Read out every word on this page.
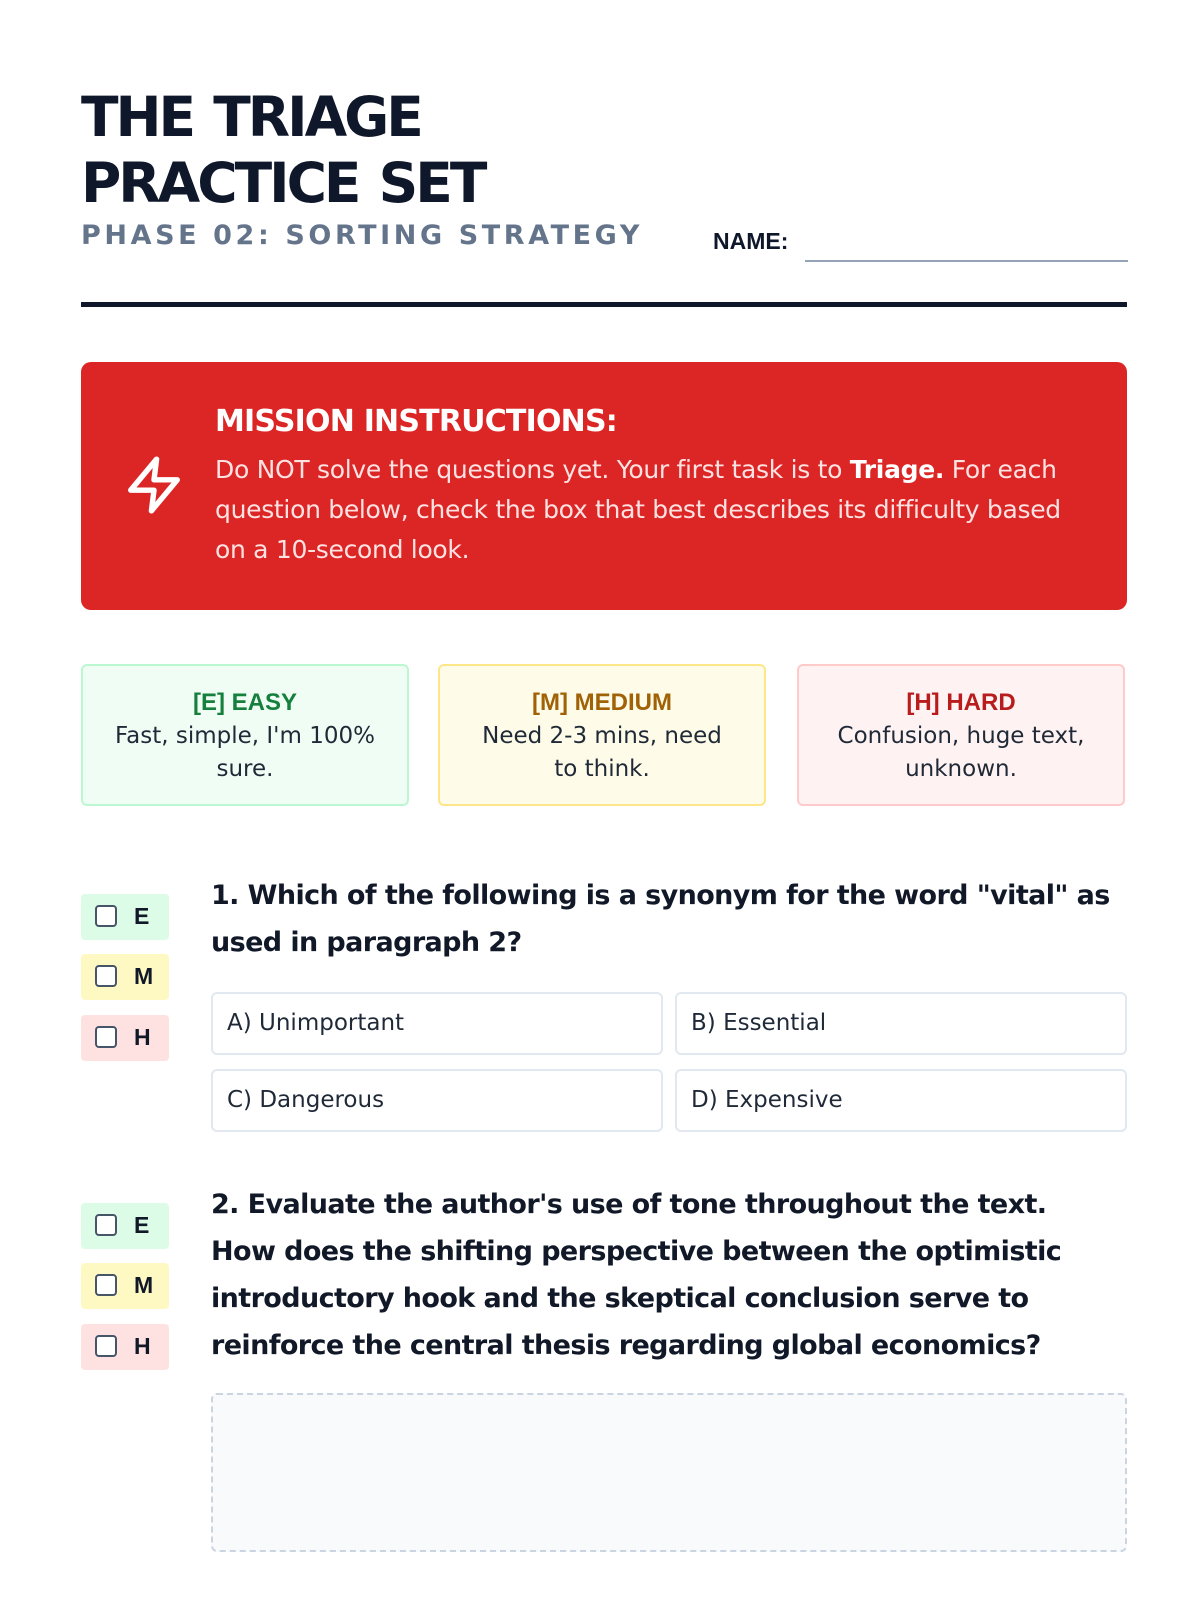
THE TRIAGE
PRACTICE SET
PHASE 02: SORTING STRATEGY	NAME:
MISSION INSTRUCTIONS:
Do NOT solve the questions yet. Your first task is to Triage. For each question below, check the box that best describes its difficulty based on a 10-second look.
[E] EASY
Fast, simple, I'm 100% sure.
[M] MEDIUM
Need 2-3 mins, need to think.
[H] HARD
Confusion, huge text, unknown.
E
M
H
1. Which of the following is a synonym for the word "vital" as used in paragraph 2?
A) Unimportant	B) Essential
C) Dangerous	D) Expensive
E
M
H
2. Evaluate the author's use of tone throughout the text. How does the shifting perspective between the optimistic introductory hook and the skeptical conclusion serve to reinforce the central thesis regarding global economics?
